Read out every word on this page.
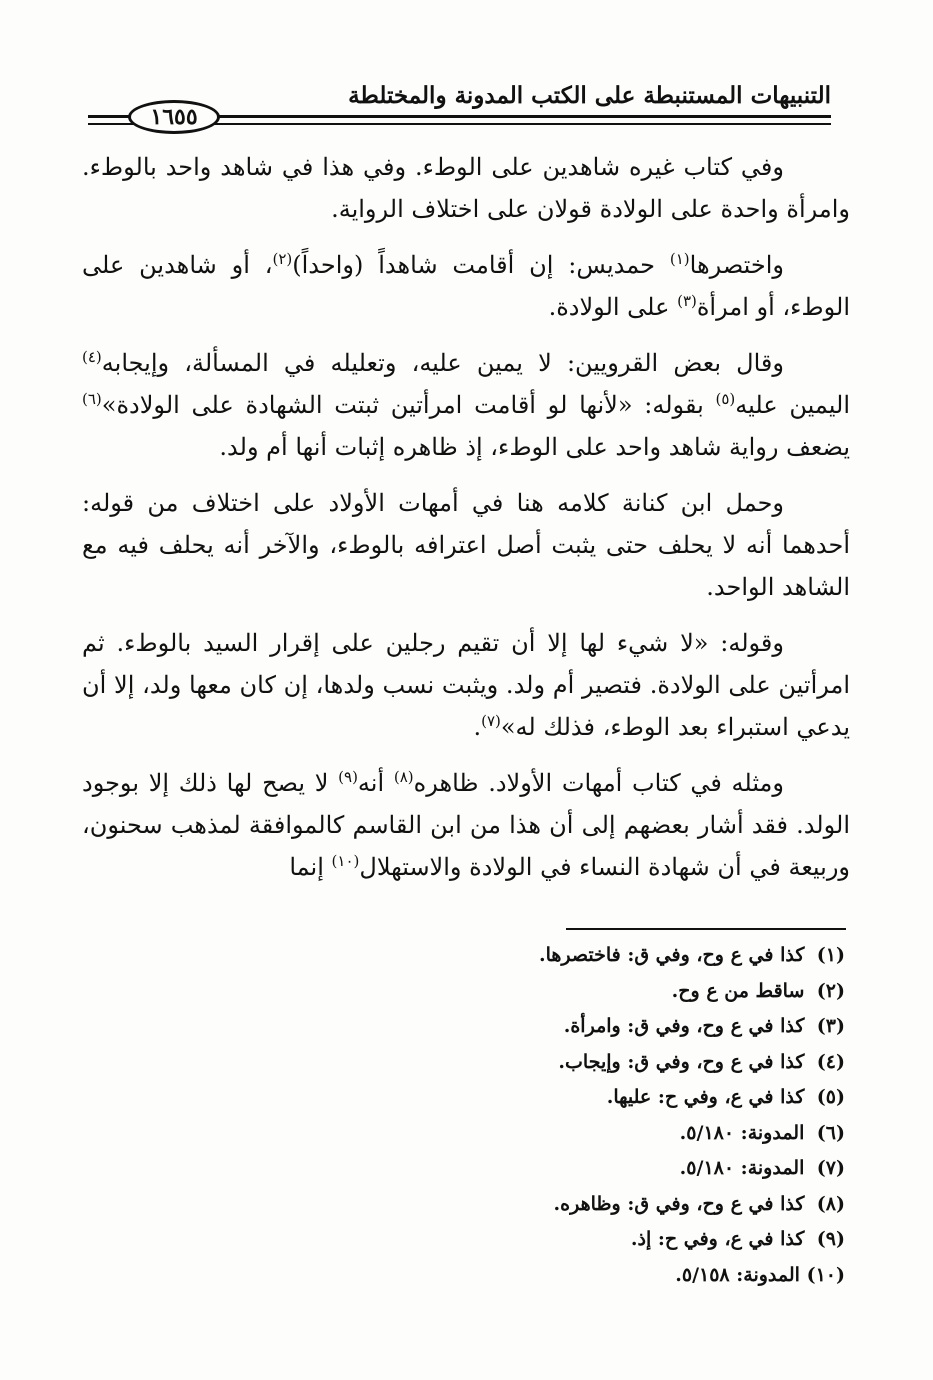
التنبيهات المستنبطة على الكتب المدونة والمختلطة
١٦٥٥

وفي كتاب غيره شاهدين على الوطء. وفي هذا في شاهد واحد بالوطء. وامرأة واحدة على الولادة قولان على اختلاف الرواية.

واختصرها$^{(١)}$ حمديس: إن أقامت شاهداً (واحداً)$^{(٢)}$، أو شاهدين على الوطء، أو امرأة$^{(٣)}$ على الولادة.

وقال بعض القرويين: لا يمين عليه، وتعليله في المسألة، وإيجابه$^{(٤)}$ اليمين عليه$^{(٥)}$ بقوله: «لأنها لو أقامت امرأتين ثبتت الشهادة على الولادة»$^{(٦)}$ يضعف رواية شاهد واحد على الوطء، إذ ظاهره إثبات أنها أم ولد.

وحمل ابن كنانة كلامه هنا في أمهات الأولاد على اختلاف من قوله: أحدهما أنه لا يحلف حتى يثبت أصل اعترافه بالوطء، والآخر أنه يحلف فيه مع الشاهد الواحد.

وقوله: «لا شيء لها إلا أن تقيم رجلين على إقرار السيد بالوطء. ثم امرأتين على الولادة. فتصير أم ولد. ويثبت نسب ولدها، إن كان معها ولد، إلا أن يدعي استبراء بعد الوطء، فذلك له»$^{(٧)}$.

ومثله في كتاب أمهات الأولاد. ظاهره$^{(٨)}$ أنه$^{(٩)}$ لا يصح لها ذلك إلا بوجود الولد. فقد أشار بعضهم إلى أن هذا من ابن القاسم كالموافقة لمذهب سحنون، وربيعة في أن شهادة النساء في الولادة والاستهلال$^{(١٠)}$ إنما

(١) كذا في ع وح، وفي ق: فاختصرها.
(٢) ساقط من ع وح.
(٣) كذا في ع وح، وفي ق: وامرأة.
(٤) كذا في ع وح، وفي ق: وإيجاب.
(٥) كذا في ع، وفي ح: عليها.
(٦) المدونة: ٥/١٨٠.
(٧) المدونة: ٥/١٨٠.
(٨) كذا في ع وح، وفي ق: وظاهره.
(٩) كذا في ع، وفي ح: إذ.
(١٠) المدونة: ٥/١٥٨.
